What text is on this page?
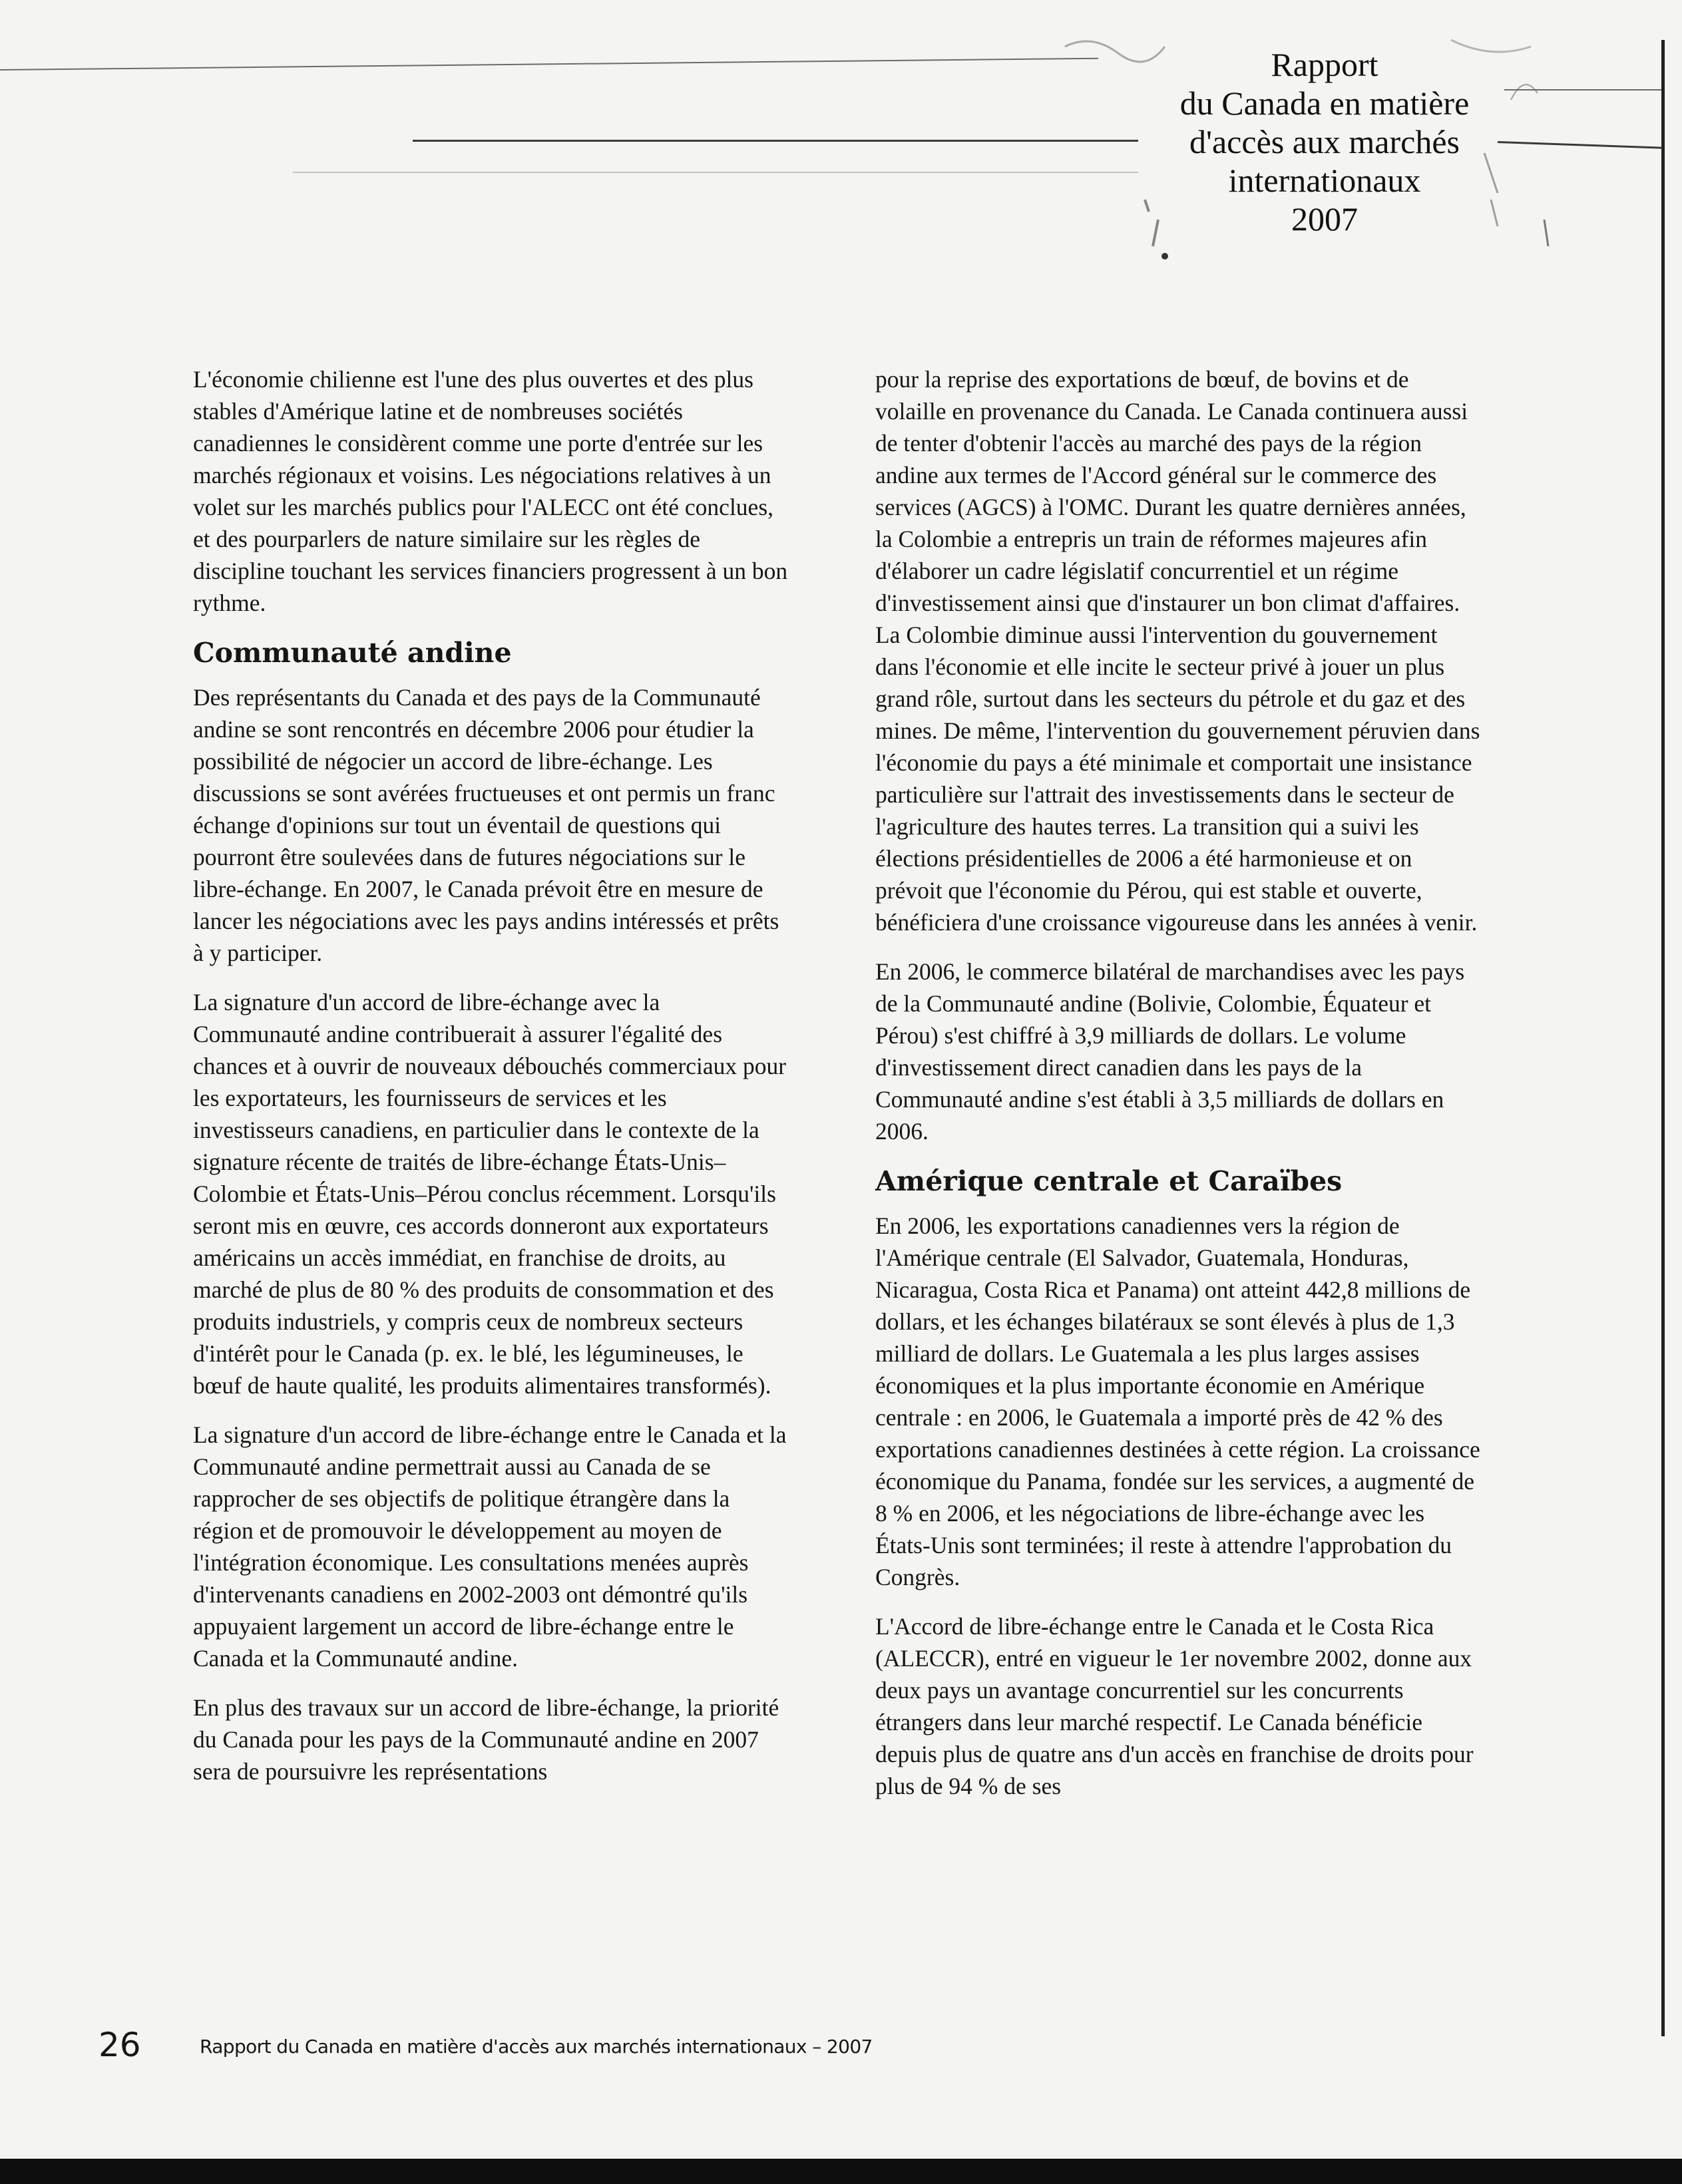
Rapport
du Canada en matière
d'accès aux marchés
internationaux
2007

L'économie chilienne est l'une des plus ouvertes et des plus stables d'Amérique latine et de nombreuses sociétés canadiennes le considèrent comme une porte d'entrée sur les marchés régionaux et voisins. Les négociations relatives à un volet sur les marchés publics pour l'ALECC ont été conclues, et des pourparlers de nature similaire sur les règles de discipline touchant les services financiers progressent à un bon rythme.

Communauté andine

Des représentants du Canada et des pays de la Communauté andine se sont rencontrés en décembre 2006 pour étudier la possibilité de négocier un accord de libre-échange. Les discussions se sont avérées fructueuses et ont permis un franc échange d'opinions sur tout un éventail de questions qui pourront être soulevées dans de futures négociations sur le libre-échange. En 2007, le Canada prévoit être en mesure de lancer les négociations avec les pays andins intéressés et prêts à y participer.

La signature d'un accord de libre-échange avec la Communauté andine contribuerait à assurer l'égalité des chances et à ouvrir de nouveaux débouchés commerciaux pour les exportateurs, les fournisseurs de services et les investisseurs canadiens, en particulier dans le contexte de la signature récente de traités de libre-échange États-Unis–Colombie et États-Unis–Pérou conclus récemment. Lorsqu'ils seront mis en œuvre, ces accords donneront aux exportateurs américains un accès immédiat, en franchise de droits, au marché de plus de 80 % des produits de consommation et des produits industriels, y compris ceux de nombreux secteurs d'intérêt pour le Canada (p. ex. le blé, les légumineuses, le bœuf de haute qualité, les produits alimentaires transformés).

La signature d'un accord de libre-échange entre le Canada et la Communauté andine permettrait aussi au Canada de se rapprocher de ses objectifs de politique étrangère dans la région et de promouvoir le développement au moyen de l'intégration économique. Les consultations menées auprès d'intervenants canadiens en 2002-2003 ont démontré qu'ils appuyaient largement un accord de libre-échange entre le Canada et la Communauté andine.

En plus des travaux sur un accord de libre-échange, la priorité du Canada pour les pays de la Communauté andine en 2007 sera de poursuivre les représentations

pour la reprise des exportations de bœuf, de bovins et de volaille en provenance du Canada. Le Canada continuera aussi de tenter d'obtenir l'accès au marché des pays de la région andine aux termes de l'Accord général sur le commerce des services (AGCS) à l'OMC. Durant les quatre dernières années, la Colombie a entrepris un train de réformes majeures afin d'élaborer un cadre législatif concurrentiel et un régime d'investissement ainsi que d'instaurer un bon climat d'affaires. La Colombie diminue aussi l'intervention du gouvernement dans l'économie et elle incite le secteur privé à jouer un plus grand rôle, surtout dans les secteurs du pétrole et du gaz et des mines. De même, l'intervention du gouvernement péruvien dans l'économie du pays a été minimale et comportait une insistance particulière sur l'attrait des investissements dans le secteur de l'agriculture des hautes terres. La transition qui a suivi les élections présidentielles de 2006 a été harmonieuse et on prévoit que l'économie du Pérou, qui est stable et ouverte, bénéficiera d'une croissance vigoureuse dans les années à venir.

En 2006, le commerce bilatéral de marchandises avec les pays de la Communauté andine (Bolivie, Colombie, Équateur et Pérou) s'est chiffré à 3,9 milliards de dollars. Le volume d'investissement direct canadien dans les pays de la Communauté andine s'est établi à 3,5 milliards de dollars en 2006.

Amérique centrale et Caraïbes

En 2006, les exportations canadiennes vers la région de l'Amérique centrale (El Salvador, Guatemala, Honduras, Nicaragua, Costa Rica et Panama) ont atteint 442,8 millions de dollars, et les échanges bilatéraux se sont élevés à plus de 1,3 milliard de dollars. Le Guatemala a les plus larges assises économiques et la plus importante économie en Amérique centrale : en 2006, le Guatemala a importé près de 42 % des exportations canadiennes destinées à cette région. La croissance économique du Panama, fondée sur les services, a augmenté de 8 % en 2006, et les négociations de libre-échange avec les États-Unis sont terminées; il reste à attendre l'approbation du Congrès.

L'Accord de libre-échange entre le Canada et le Costa Rica (ALECCR), entré en vigueur le 1er novembre 2002, donne aux deux pays un avantage concurrentiel sur les concurrents étrangers dans leur marché respectif. Le Canada bénéficie depuis plus de quatre ans d'un accès en franchise de droits pour plus de 94 % de ses

26	Rapport du Canada en matière d'accès aux marchés internationaux – 2007
